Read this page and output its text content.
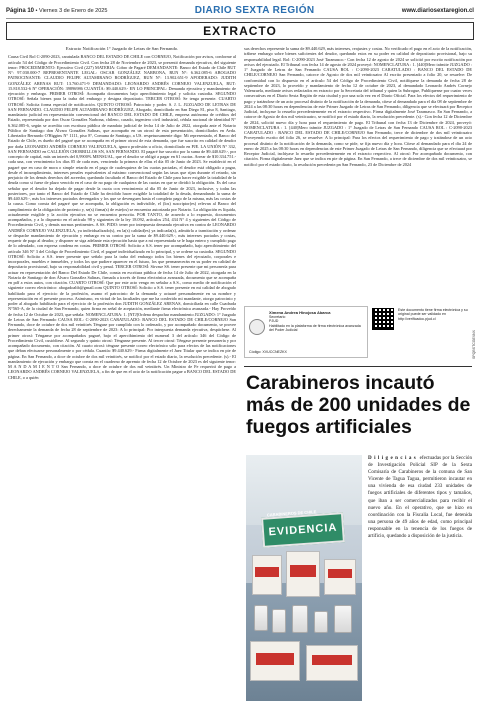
Página 10 • Viernes 3 de Enero de 2025	DIARIO SEXTA REGIÓN	www.diariosextaregion.cl
EXTRACTO
Extracto Notificación 1° Juzgado de Letras de San Fernando.

Causa Civil Rol C-2090-2023, caratulada BANCO DEL ESTADO DE CHILE con CORNEJO, Notificación por avisos, conforme al artículo 54 del Código de Procedimiento Civil. Con fecha 28 de Noviembre de 2023, se presentó demanda ejecutiva, del siguiente tenor: PROCEDIMIENTO: Ejecutivo Civil (227) MATERIA: Cobro de Pagaré DEMANDANTE: Banco del Estado de Chile RUT N°: 97.030.000-7 REPRESENTANTE LEGAL: OSCAR GONZÁLEZ NARBONA, RUN N°: 6.362.085-6 ABOGADO PATROCINANTE: CLAUDIO FELIPE ALTAMIRANO RODRÍGUEZ, RUN N°: 13.902.651-9 APODERADO: JUDITH GONZÁLEZ ARENAS RUT: 13.760.471-9 DEMANDADO: LEONARDO ANDRÉS CORNEJO VALENZUELA, RUT: 15.818.532-6 Nº OPERACIÓN: 39896986 CUANTÍA: $9.440.629.- EN LO PRINCIPAL: Demanda ejecutiva y mandamiento de ejecución y embargo. PRIMER OTROSÍ: Acompaña documentos bajo apercibimiento legal y solicita custodia. SEGUNDO OTROSÍ: Señala bienes para la traba del embargo y designa depositario. TERCER OTROSÍ: Se tenga presente. CUARTO OTROSÍ: Solicita forma especial de notificación. QUINTO OTROSÍ: Patrocinio y poder. S. J. L. JUZGADO DE LETRAS DE SAN FERNANDO. CLAUDIO FELIPE ALTAMIRANO RODRÍGUEZ, Abogado, domiciliado en San Diego 81, piso 8, Santiago, mandatario judicial en representación convencional del BANCO DEL ESTADO DE CHILE, empresa autónoma de créditos del Estado, representada por don Oscar González Narbona, chileno, casado, ingeniero civil industrial, cédula nacional de identidad N° 6.362.085-6, según se acredita con escritura pública de mandato judicial de fecha 14 de Julio de 2022, otorgada ante el Notario Público de Santiago don Álvaro González Salinas, que acompaño en un otrosí de esta presentación, domiciliados en Avda. Libertador Bernardo O'Higgins N° 1111, piso 8°, Comuna de Santiago, a US. respetuosamente digo: Mi representado, el Banco del Estado de Chile, es dueño del pagaré que se acompaña en el primer otrosí de esta demanda, que fue suscrito en calidad de deudor por doña LEONARDO ANDRÉS CORNEJO VALENZUELA, ignoro profesión u oficio, domiciliado en PJE. LA UNIÓN N° 332, SAN FERNANDO en CALLEJÓN CHORRILLOS SN, SAN FERNANDO. El pagaré fue suscrito por la suma de $9.440.629.-, por concepto de capital, más un interés del 0,9900% MENSUAL, que el deudor se obligó a pagar en 61 cuotas. Arrear de $10.334.751.- cada una, con vencimiento los días 05 de cada mes, venciendo la primera de ellas el día 05 de Junio de 2023. Se estableció en el pagaré que en caso de mora o simple retardo en el pago de cualesquiera de las cuotas pactadas, el deudor está obligado a pagar, desde el incumplimiento, intereses penales equivalentes al máximo convencional según las tasas que rijan durante el retardo, sin perjuicio de los demás derechos del acreedor, quedando facultado el Banco del Estado de Chile para hacer exigible la totalidad de la deuda como si fuese de plazo vencido en el caso de no pago de cualquiera de las cuotas en que se dividió la obligación. Es del caso señalar que el deudor ha dejado de pagar desde la cuota con vencimiento al día 05 de Junio de 2023, inclusive, y todas las posteriores, por tanto el Banco del Estado de Chile ha decidido hacer exigible la totalidad de la deuda, demandando la suma de $9.440.629.-, más los intereses pactados devengados y los que se devenguen hasta el completo pago de la misma, más las costas de la causa. Como consta del pagaré que se acompaña, la obligación es indivisible, el (los) suscriptor(es) relevan al Banco del cumplimiento de la obligación de protesto y, se(s) firma(s) de este(os) se encuentra autorizada por Notario. La obligación es líquida, actualmente exigible y la acción ejecutiva no se encuentra prescrita. POR TANTO, de acuerdo a lo expuesto, documentos acompañados, y a lo dispuesto en el artículo 98 y siguientes de la ley 18.092, artículos 254, 434 N° 4 y siguientes del Código de Procedimiento Civil, y demás normas pertinentes. A SS. PIDO: tener por interpuesta demanda ejecutiva en contra de LEONARDO ANDRÉS CORNEJO VALENZUELA, ya individualizado(s), en la(s) calidad(es) ya indicada(s), admitirla a tramitación y ordenar se despache mandamiento de ejecución y embargo en su contra por la suma de $9.440.629.-, más intereses pactados y costas, requerir de pago al deudor, y disponer se siga adelante esta ejecución hasta que a mi representada se le haga entero y cumplido pago de lo adeudado, con expresa condena en costas. PRIMER OTROSÍ: Solicito a S.S. tener por acompañado, bajo apercibimiento del artículo 346 N° 3 del Código de Procedimiento Civil, el pagaré individualizado en lo principal, y se ordene su custodia. SEGUNDO OTROSÍ: Solicito a S.S. tener presente que señalo para la traba del embargo todos los bienes del ejecutado, corporales e incorporales, muebles e inmuebles, y todos los que pudiere aparecer en el futuro, los que permanecerán en su poder en calidad de depositario provisional, bajo su responsabilidad civil y penal. TERCER OTROSÍ: Sírvase SS. tener presente que mi personería para actuar en representación del Banco Del Estado De Chile, consta en escritura pública de fecha 14 de Julio de 2022, otorgada en la Notaría de Santiago de don Álvaro González Salinas, firmada a través de firma electrónica avanzada, documento que se acompaña en pdf a estos autos, con citación. CUARTO OTROSÍ: Que por este acto vengo en señalar a S.S., como medio de notificación el siguiente correo electrónico: abogadoaltb@gmail.com QUINTO OTROSÍ: Solicito a S.S. tener presente en mi calidad de abogado habilitado para el ejercicio de la profesión, asumo el patrocinio de la demanda y actuaré personalmente en su nombre y representación en el presente proceso. Asimismo, en virtud de las facultades que me ha conferido mi mandante, otorgo patrocinio y poder al abogado habilitado para el ejercicio de la profesión don JUDITH GONZÁLEZ ARENAS, domiciliada en calle Cuadrada N°565-A, de la ciudad de San Fernando, quien firma en señal de aceptación, mediante firma electrónica avanzada.- Hay Proveído de fecha 12 de Octubre de 2023, que señala: NOMENCLATURA: 1. [NTJ]Ordena despachar mandamiento JUZGADO: 1° Juzgado de Letras de San Fernando CAUSA ROL: C-2090-2023 CARATULADO: BANCO DEL ESTADO DE CHILE/CORNEJO San Fernando, doce de octubre de dos mil veintitrés Téngase por cumplido con lo ordenado, y por acompañado documento, se provee derechamente la demanda de fecha 28 de septiembre de 2023: A lo principal: Por interpuesta demanda ejecutiva, despáchese. Al primer otrosí: Ténganse por acompañados pagaré, bajo el apercibimiento del numeral 3 del artículo 346 del Código de Procedimiento Civil, custódiese. Al segundo y quinto otrosí: Ténganse presente. Al tercer otrosí: Téngase presente personería y por acompañado documento, con citación. Al cuarto otrosí: téngase presente correo electrónico sólo para efectos de las notificaciones que deban efectuarse personalmente o por cédula. Cuantía: $9.440.629.- Firma digitalmente el Juez Titular que se indica en pie de página. En San Fernando, a doce de octubre de dos mil veintitrés, se notificó por el estado diario, la resolución precedente. (s).- El mandamiento de ejecución y embargo que consta en el cuaderno de apremio de fecha 12 de Octubre de 2023 es del siguiente tenor: M A N D A M I E N T O San Fernando, a doce de octubre de dos mil veintitrés. Un Ministro de Fe requerirá de pago a LEONARDO ANDRÉS CORNEJO VALENZUELA, a fin de que en el acto de la notificación pague a BANCO DEL ESTADO DE CHILE, o a quién

sus derechos represente la suma de $9.440.629, más intereses, reajustes y costas. No verificado el pago en el acto de la notificación, trábese embargo sobre bienes suficientes del deudor, quedando estos en su poder en calidad de depositario provisional, bajo su responsabilidad legal. Rol: C-2090-2023 José Taramasco.- Con fecha 12 de agosto de 2024 se solicitó por escrito notificación por avisos del ejecutado. El Tribunal con fecha 14 de agosto de 2024 proveyó: NOMENCLATURA : 1. [440]Mero trámite JUZGADO : 1° Juzgado de Letras de San Fernando CAUSA ROL : C-2090-2023 CARATULADO : BANCO DEL ESTADO DE CHILE/CORNEJO San Fernando, catorce de Agosto de dos mil veinticuatro Al escrito presentado a folio 20, se resuelve: De conformidad con lo dispuesto en el artículo 54 del Código de Procedimiento Civil, notifíquese la demanda de fecha 28 de septiembre de 2023, lo proveído y mandamiento de fecha 12 de octubre de 2023, al demandado Leonardo Andrés Cornejo Valenzuela, mediante avisos redactados en extracto por la Secretaria del tribunal y quien la Subrogue, Publíquense por cuatro veces consecutivas en el Diario Sexta Región de esta ciudad y por una sola vez en el Diario Oficial. Para los efectos del requerimiento de pago y tratándose de un acto procesal distinto de la notificación de la demanda, cítese al demandado para el día 08 de septiembre de 2024 a las 08:30 horas en dependencias de este Primer Juzgado de Letras de San Fernando, diligencia que se efectuará por Receptor Judicial, incluyase lo resuelto precedentemente en el extracto respectivo. Firma digitalmente José Taramasco. En San Fernando, a catorce de Agosto de dos mil veinticuatro, se notificó por el estado diario, la resolución precedente. (s).- Con fecha 12 de Diciembre de 2024, solicitó nuevo día y hora para el requerimiento de pago. El Tribunal con fecha 13 de Diciembre de 2024, proveyó: NOMENCLATURA : 1. [440]Mero trámite JUZGADO : 1° Juzgado de Letras de San Fernando CAUSA ROL : C-2090-2023 CARATULADO : BANCO DEL ESTADO DE CHILE/CORNEJO San Fernando, trece de diciembre de dos mil veinticuatro Proveyendo escrito del folio 26, se resuelve: A lo principal: Para los efectos del requerimiento de pago y tratándose de un acto procesal distinto de la notificación de la demanda, como se pide, se fija nuevo día y hora. Cítese al demandado para el día 24 de enero de 2025 a las 08:30 horas en dependencias de este Primer Juzgado de Letras de San Fernando, diligencia que se efectuará por Receptor Judicial, inclúyase lo resuelto precedentemente en el extracto respectivo. Al otrosí: Por acompañado documento, con citación. Firma digitalmente Juez que se indica en pie de página. En San Fernando, a trece de diciembre de dos mil veinticuatro, se notificó por el estado diario, la resolución precedente.pn San Fernando, 23 de Diciembre de 2024

Ximena Andrea Hinojosa Abarca
Secretario
PJUD
Habilitado en la plataforma de firma electrónica avanzada del Poder Judicial
Código: XVUCCNEZKX
Este documento tiene firma electrónica y su original puede ser validado en http://verificadoc.pjud.cl
SPQBSTCGEXNX
Carabineros incautó más de 200 unidades de fuegos artificiales
CARABINEROS DE CHILE
EVIDENCIA
Diligencias efectuadas por la Sección de Investigación Policial SIP de la Sexta Comisaría de Carabineros de la comuna de San Vicente de Tagua Tagua, permitieron incautar en una vivienda de esa ciudad 233 unidades de fuegos artificiales de diferentes tipos y tamaños, que iban a ser comercializados para recibir el nuevo año. En el operativo, que se hizo en coordinación con la Fiscalía Local, fue detenida una persona de 49 años de edad, como principal responsable en la tenencia de los fuegos de artificio, quedando a disposición de la justicia.
